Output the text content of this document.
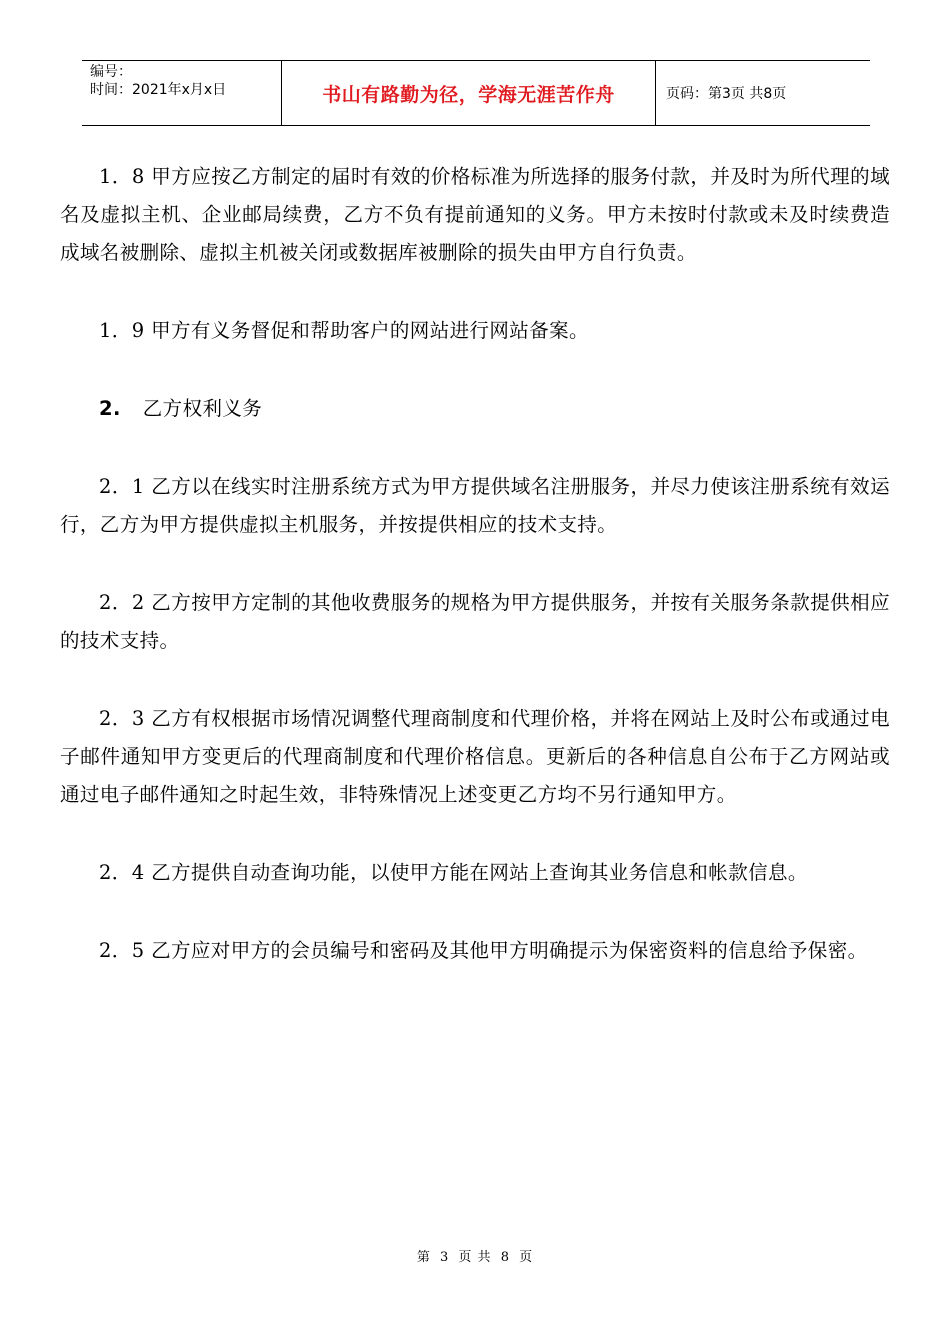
编号：
时间：2021年x月x日	书山有路勤为径，学海无涯苦作舟	页码：第3页 共8页

1．8 甲方应按乙方制定的届时有效的价格标准为所选择的服务付款，并及时为所代理的域名及虚拟主机、企业邮局续费，乙方不负有提前通知的义务。甲方未按时付款或未及时续费造成域名被删除、虚拟主机被关闭或数据库被删除的损失由甲方自行负责。

1．9 甲方有义务督促和帮助客户的网站进行网站备案。

2. 乙方权利义务

2．1 乙方以在线实时注册系统方式为甲方提供域名注册服务，并尽力使该注册系统有效运行，乙方为甲方提供虚拟主机服务，并按提供相应的技术支持。

2．2 乙方按甲方定制的其他收费服务的规格为甲方提供服务，并按有关服务条款提供相应的技术支持。

2．3 乙方有权根据市场情况调整代理商制度和代理价格，并将在网站上及时公布或通过电子邮件通知甲方变更后的代理商制度和代理价格信息。更新后的各种信息自公布于乙方网站或通过电子邮件通知之时起生效，非特殊情况上述变更乙方均不另行通知甲方。

2．4 乙方提供自动查询功能，以使甲方能在网站上查询其业务信息和帐款信息。

2．5 乙方应对甲方的会员编号和密码及其他甲方明确提示为保密资料的信息给予保密。

第 3 页 共 8 页
